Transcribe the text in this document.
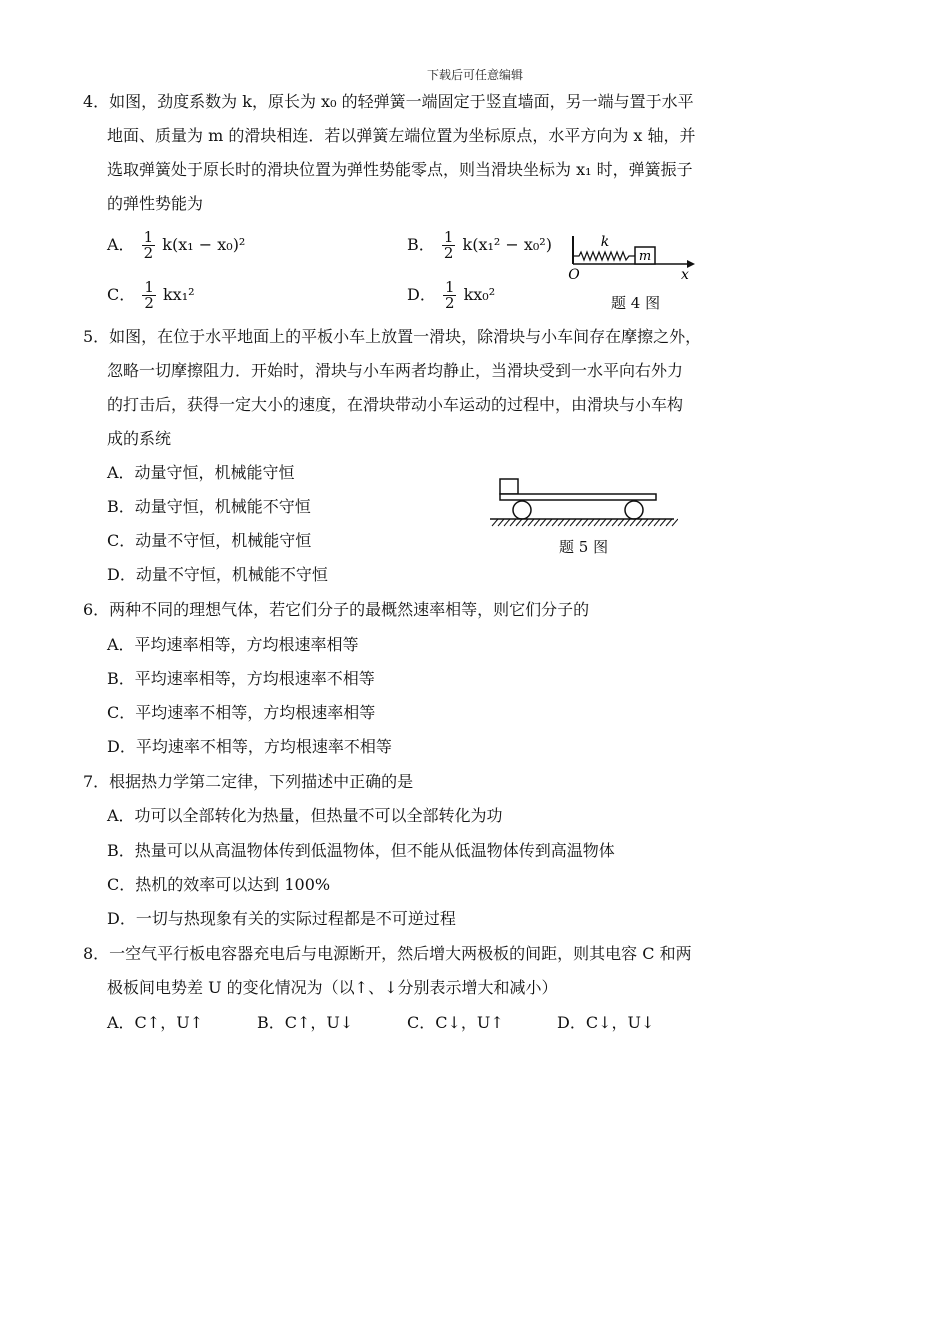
下载后可任意编辑
4．如图，劲度系数为 k，原长为 x₀ 的轻弹簧一端固定于竖直墙面，另一端与置于水平
地面、质量为 m 的滑块相连．若以弹簧左端位置为坐标原点，水平方向为 x 轴，并
选取弹簧处于原长时的滑块位置为弹性势能零点，则当滑块坐标为 x₁ 时，弹簧振子
的弹性势能为
A． $\frac{1}{2} k(x_1 - x_0)^2$	B． $\frac{1}{2} k(x_1^2 - x_0^2)$
C． $\frac{1}{2} kx_1^2$	D． $\frac{1}{2} kx_0^2$
m
k
O	x
题 4 图
5．如图，在位于水平地面上的平板小车上放置一滑块，除滑块与小车间存在摩擦之外，
忽略一切摩擦阻力．开始时，滑块与小车两者均静止，当滑块受到一水平向右外力
的打击后，获得一定大小的速度，在滑块带动小车运动的过程中，由滑块与小车构
成的系统
A．动量守恒，机械能守恒
B．动量守恒，机械能不守恒
C．动量不守恒，机械能守恒
D．动量不守恒，机械能不守恒
题 5 图
6．两种不同的理想气体，若它们分子的最概然速率相等，则它们分子的
A．平均速率相等，方均根速率相等
B．平均速率相等，方均根速率不相等
C．平均速率不相等，方均根速率相等
D．平均速率不相等，方均根速率不相等
7．根据热力学第二定律，下列描述中正确的是
A．功可以全部转化为热量，但热量不可以全部转化为功
B．热量可以从高温物体传到低温物体，但不能从低温物体传到高温物体
C．热机的效率可以达到 100%
D．一切与热现象有关的实际过程都是不可逆过程
8．一空气平行板电容器充电后与电源断开，然后增大两极板的间距，则其电容 C 和两
极板间电势差 U 的变化情况为（以↑、↓分别表示增大和减小）
A．C↑，U↑	B．C↑，U↓	C．C↓，U↑	D．C↓，U↓
